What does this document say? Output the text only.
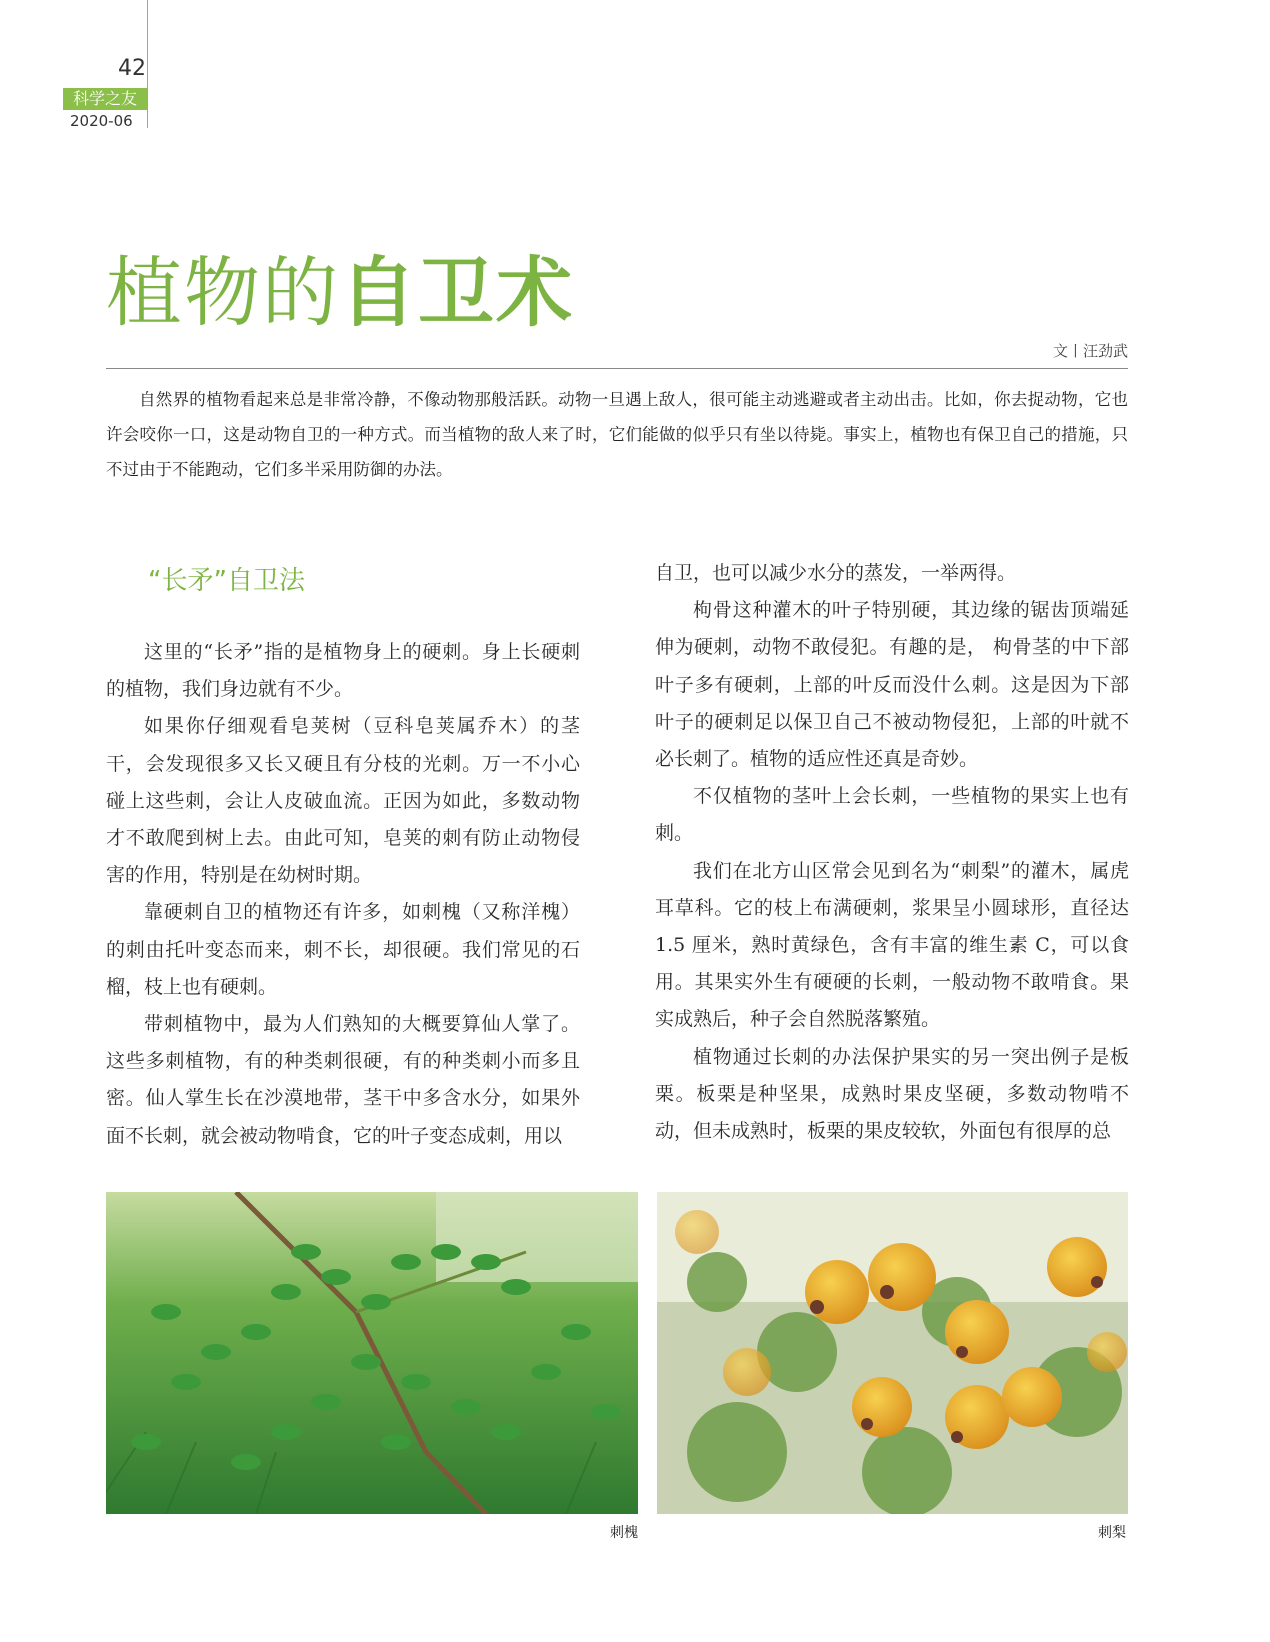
42
科学之友
2020-06
植物的自卫术
文丨汪劲武

自然界的植物看起来总是非常冷静，不像动物那般活跃。动物一旦遇上敌人，很可能主动逃避或者主动出击。比如，你去捉动物，它也许会咬你一口，这是动物自卫的一种方式。而当植物的敌人来了时，它们能做的似乎只有坐以待毙。事实上，植物也有保卫自己的措施，只不过由于不能跑动，它们多半采用防御的办法。

“长矛”自卫法

这里的“长矛”指的是植物身上的硬刺。身上长硬刺的植物，我们身边就有不少。

如果你仔细观看皂荚树（豆科皂荚属乔木）的茎干，会发现很多又长又硬且有分枝的光刺。万一不小心碰上这些刺，会让人皮破血流。正因为如此，多数动物才不敢爬到树上去。由此可知，皂荚的刺有防止动物侵害的作用，特别是在幼树时期。

靠硬刺自卫的植物还有许多，如刺槐（又称洋槐）的刺由托叶变态而来，刺不长，却很硬。我们常见的石榴，枝上也有硬刺。

带刺植物中，最为人们熟知的大概要算仙人掌了。这些多刺植物，有的种类刺很硬，有的种类刺小而多且密。仙人掌生长在沙漠地带，茎干中多含水分，如果外面不长刺，就会被动物啃食，它的叶子变态成刺，用以

自卫，也可以减少水分的蒸发，一举两得。

枸骨这种灌木的叶子特别硬，其边缘的锯齿顶端延伸为硬刺，动物不敢侵犯。有趣的是， 枸骨茎的中下部叶子多有硬刺，上部的叶反而没什么刺。这是因为下部叶子的硬刺足以保卫自己不被动物侵犯，上部的叶就不必长刺了。植物的适应性还真是奇妙。

不仅植物的茎叶上会长刺，一些植物的果实上也有刺。

我们在北方山区常会见到名为“刺梨”的灌木，属虎耳草科。它的枝上布满硬刺，浆果呈小圆球形，直径达 1.5 厘米，熟时黄绿色，含有丰富的维生素 C，可以食用。其果实外生有硬硬的长刺，一般动物不敢啃食。果实成熟后，种子会自然脱落繁殖。

植物通过长刺的办法保护果实的另一突出例子是板栗。板栗是种坚果，成熟时果皮坚硬，多数动物啃不动，但未成熟时，板栗的果皮较软，外面包有很厚的总

刺槐	刺梨
